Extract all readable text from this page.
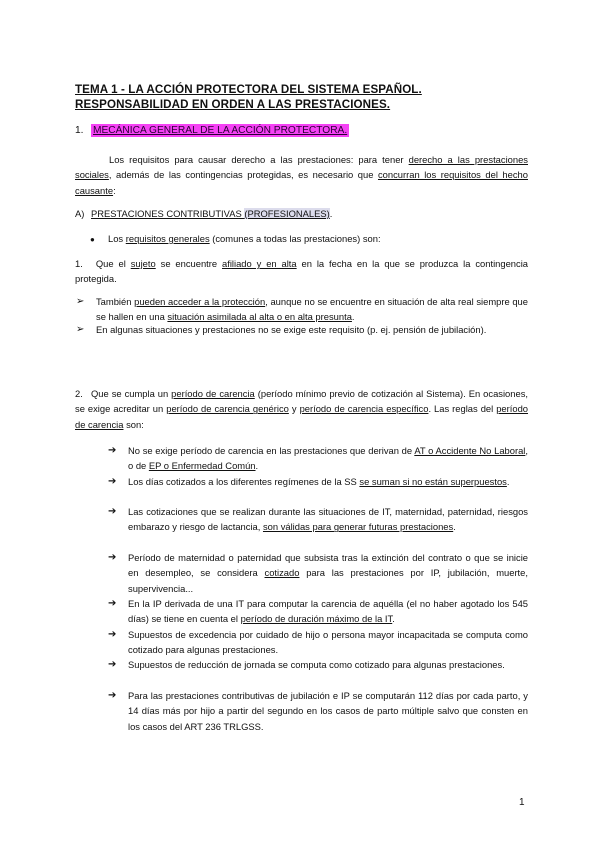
TEMA 1 - LA ACCIÓN PROTECTORA DEL SISTEMA ESPAÑOL. RESPONSABILIDAD EN ORDEN A LAS PRESTACIONES.
1. MECÁNICA GENERAL DE LA ACCIÓN PROTECTORA.
Los requisitos para causar derecho a las prestaciones: para tener derecho a las prestaciones sociales, además de las contingencias protegidas, es necesario que concurran los requisitos del hecho causante:
A) PRESTACIONES CONTRIBUTIVAS (PROFESIONALES).
● Los requisitos generales (comunes a todas las prestaciones) son:
1. Que el sujeto se encuentre afiliado y en alta en la fecha en la que se produzca la contingencia protegida.
➢ También pueden acceder a la protección, aunque no se encuentre en situación de alta real siempre que se hallen en una situación asimilada al alta o en alta presunta.
➢ En algunas situaciones y prestaciones no se exige este requisito (p. ej. pensión de jubilación).
2. Que se cumpla un período de carencia (período mínimo previo de cotización al Sistema). En ocasiones, se exige acreditar un período de carencia genérico y período de carencia específico. Las reglas del período de carencia son:
➔ No se exige período de carencia en las prestaciones que derivan de AT o Accidente No Laboral, o de EP o Enfermedad Común.
➔ Los días cotizados a los diferentes regímenes de la SS se suman si no están superpuestos.
➔ Las cotizaciones que se realizan durante las situaciones de IT, maternidad, paternidad, riesgos embarazo y riesgo de lactancia, son válidas para generar futuras prestaciones.
➔ Período de maternidad o paternidad que subsista tras la extinción del contrato o que se inicie en desempleo, se considera cotizado para las prestaciones por IP, jubilación, muerte, supervivencia...
➔ En la IP derivada de una IT para computar la carencia de aquélla (el no haber agotado los 545 días) se tiene en cuenta el período de duración máximo de la IT.
➔ Supuestos de excedencia por cuidado de hijo o persona mayor incapacitada se computa como cotizado para algunas prestaciones.
➔ Supuestos de reducción de jornada se computa como cotizado para algunas prestaciones.
➔ Para las prestaciones contributivas de jubilación e IP se computarán 112 días por cada parto, y 14 días más por hijo a partir del segundo en los casos de parto múltiple salvo que consten en los casos del ART 236 TRLGSS.
1
